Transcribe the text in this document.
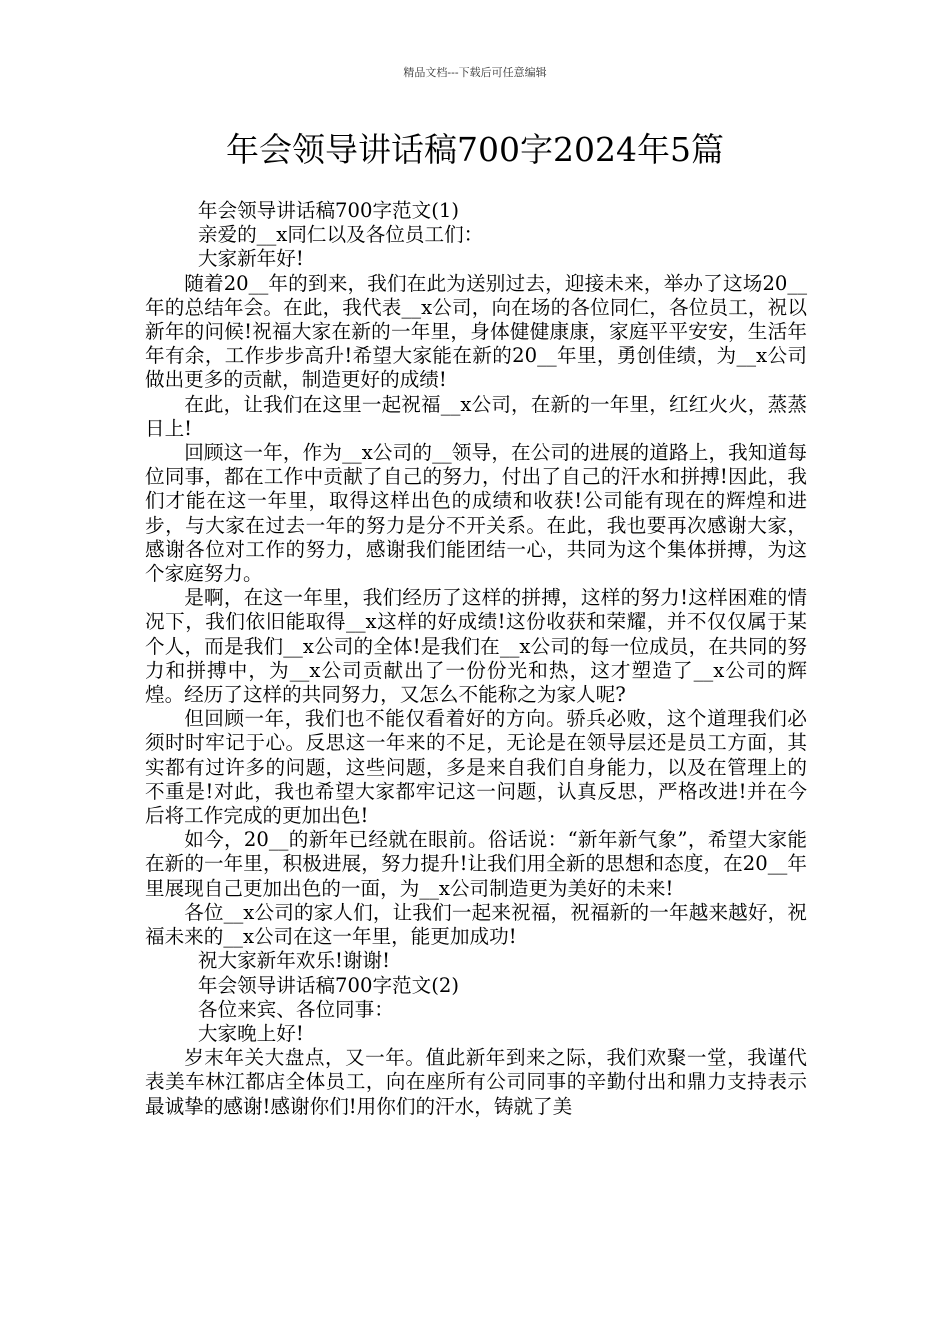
精品文档---下载后可任意编辑
年会领导讲话稿700字2024年5篇

年会领导讲话稿700字范文(1)

亲爱的__x同仁以及各位员工们：

大家新年好!

随着20__年的到来，我们在此为送别过去，迎接未来，举办了这场20__年的总结年会。在此，我代表__x公司，向在场的各位同仁，各位员工，祝以新年的问候!祝福大家在新的一年里，身体健健康康，家庭平平安安，生活年年有余，工作步步高升!希望大家能在新的20__年里，勇创佳绩，为__x公司做出更多的贡献，制造更好的成绩!

在此，让我们在这里一起祝福__x公司，在新的一年里，红红火火，蒸蒸日上!

回顾这一年，作为__x公司的__领导，在公司的进展的道路上，我知道每位同事，都在工作中贡献了自己的努力，付出了自己的汗水和拼搏!因此，我们才能在这一年里，取得这样出色的成绩和收获!公司能有现在的辉煌和进步，与大家在过去一年的努力是分不开关系。在此，我也要再次感谢大家，感谢各位对工作的努力，感谢我们能团结一心，共同为这个集体拼搏，为这个家庭努力。

是啊，在这一年里，我们经历了这样的拼搏，这样的努力!这样困难的情况下，我们依旧能取得__x这样的好成绩!这份收获和荣耀，并不仅仅属于某个人，而是我们__x公司的全体!是我们在__x公司的每一位成员，在共同的努力和拼搏中，为__x公司贡献出了一份份光和热，这才塑造了__x公司的辉煌。经历了这样的共同努力，又怎么不能称之为家人呢?

但回顾一年，我们也不能仅看着好的方向。骄兵必败，这个道理我们必须时时牢记于心。反思这一年来的不足，无论是在领导层还是员工方面，其实都有过许多的问题，这些问题，多是来自我们自身能力，以及在管理上的不重是!对此，我也希望大家都牢记这一问题，认真反思，严格改进!并在今后将工作完成的更加出色!

如今，20__的新年已经就在眼前。俗话说：“新年新气象”，希望大家能在新的一年里，积极进展，努力提升!让我们用全新的思想和态度，在20__年里展现自己更加出色的一面，为__x公司制造更为美好的未来!

各位__x公司的家人们，让我们一起来祝福，祝福新的一年越来越好，祝福未来的__x公司在这一年里，能更加成功!

祝大家新年欢乐!谢谢!

年会领导讲话稿700字范文(2)

各位来宾、各位同事：

大家晚上好!

岁末年关大盘点，又一年。值此新年到来之际，我们欢聚一堂，我谨代表美车林江都店全体员工，向在座所有公司同事的辛勤付出和鼎力支持表示最诚挚的感谢!感谢你们!用你们的汗水，铸就了美
